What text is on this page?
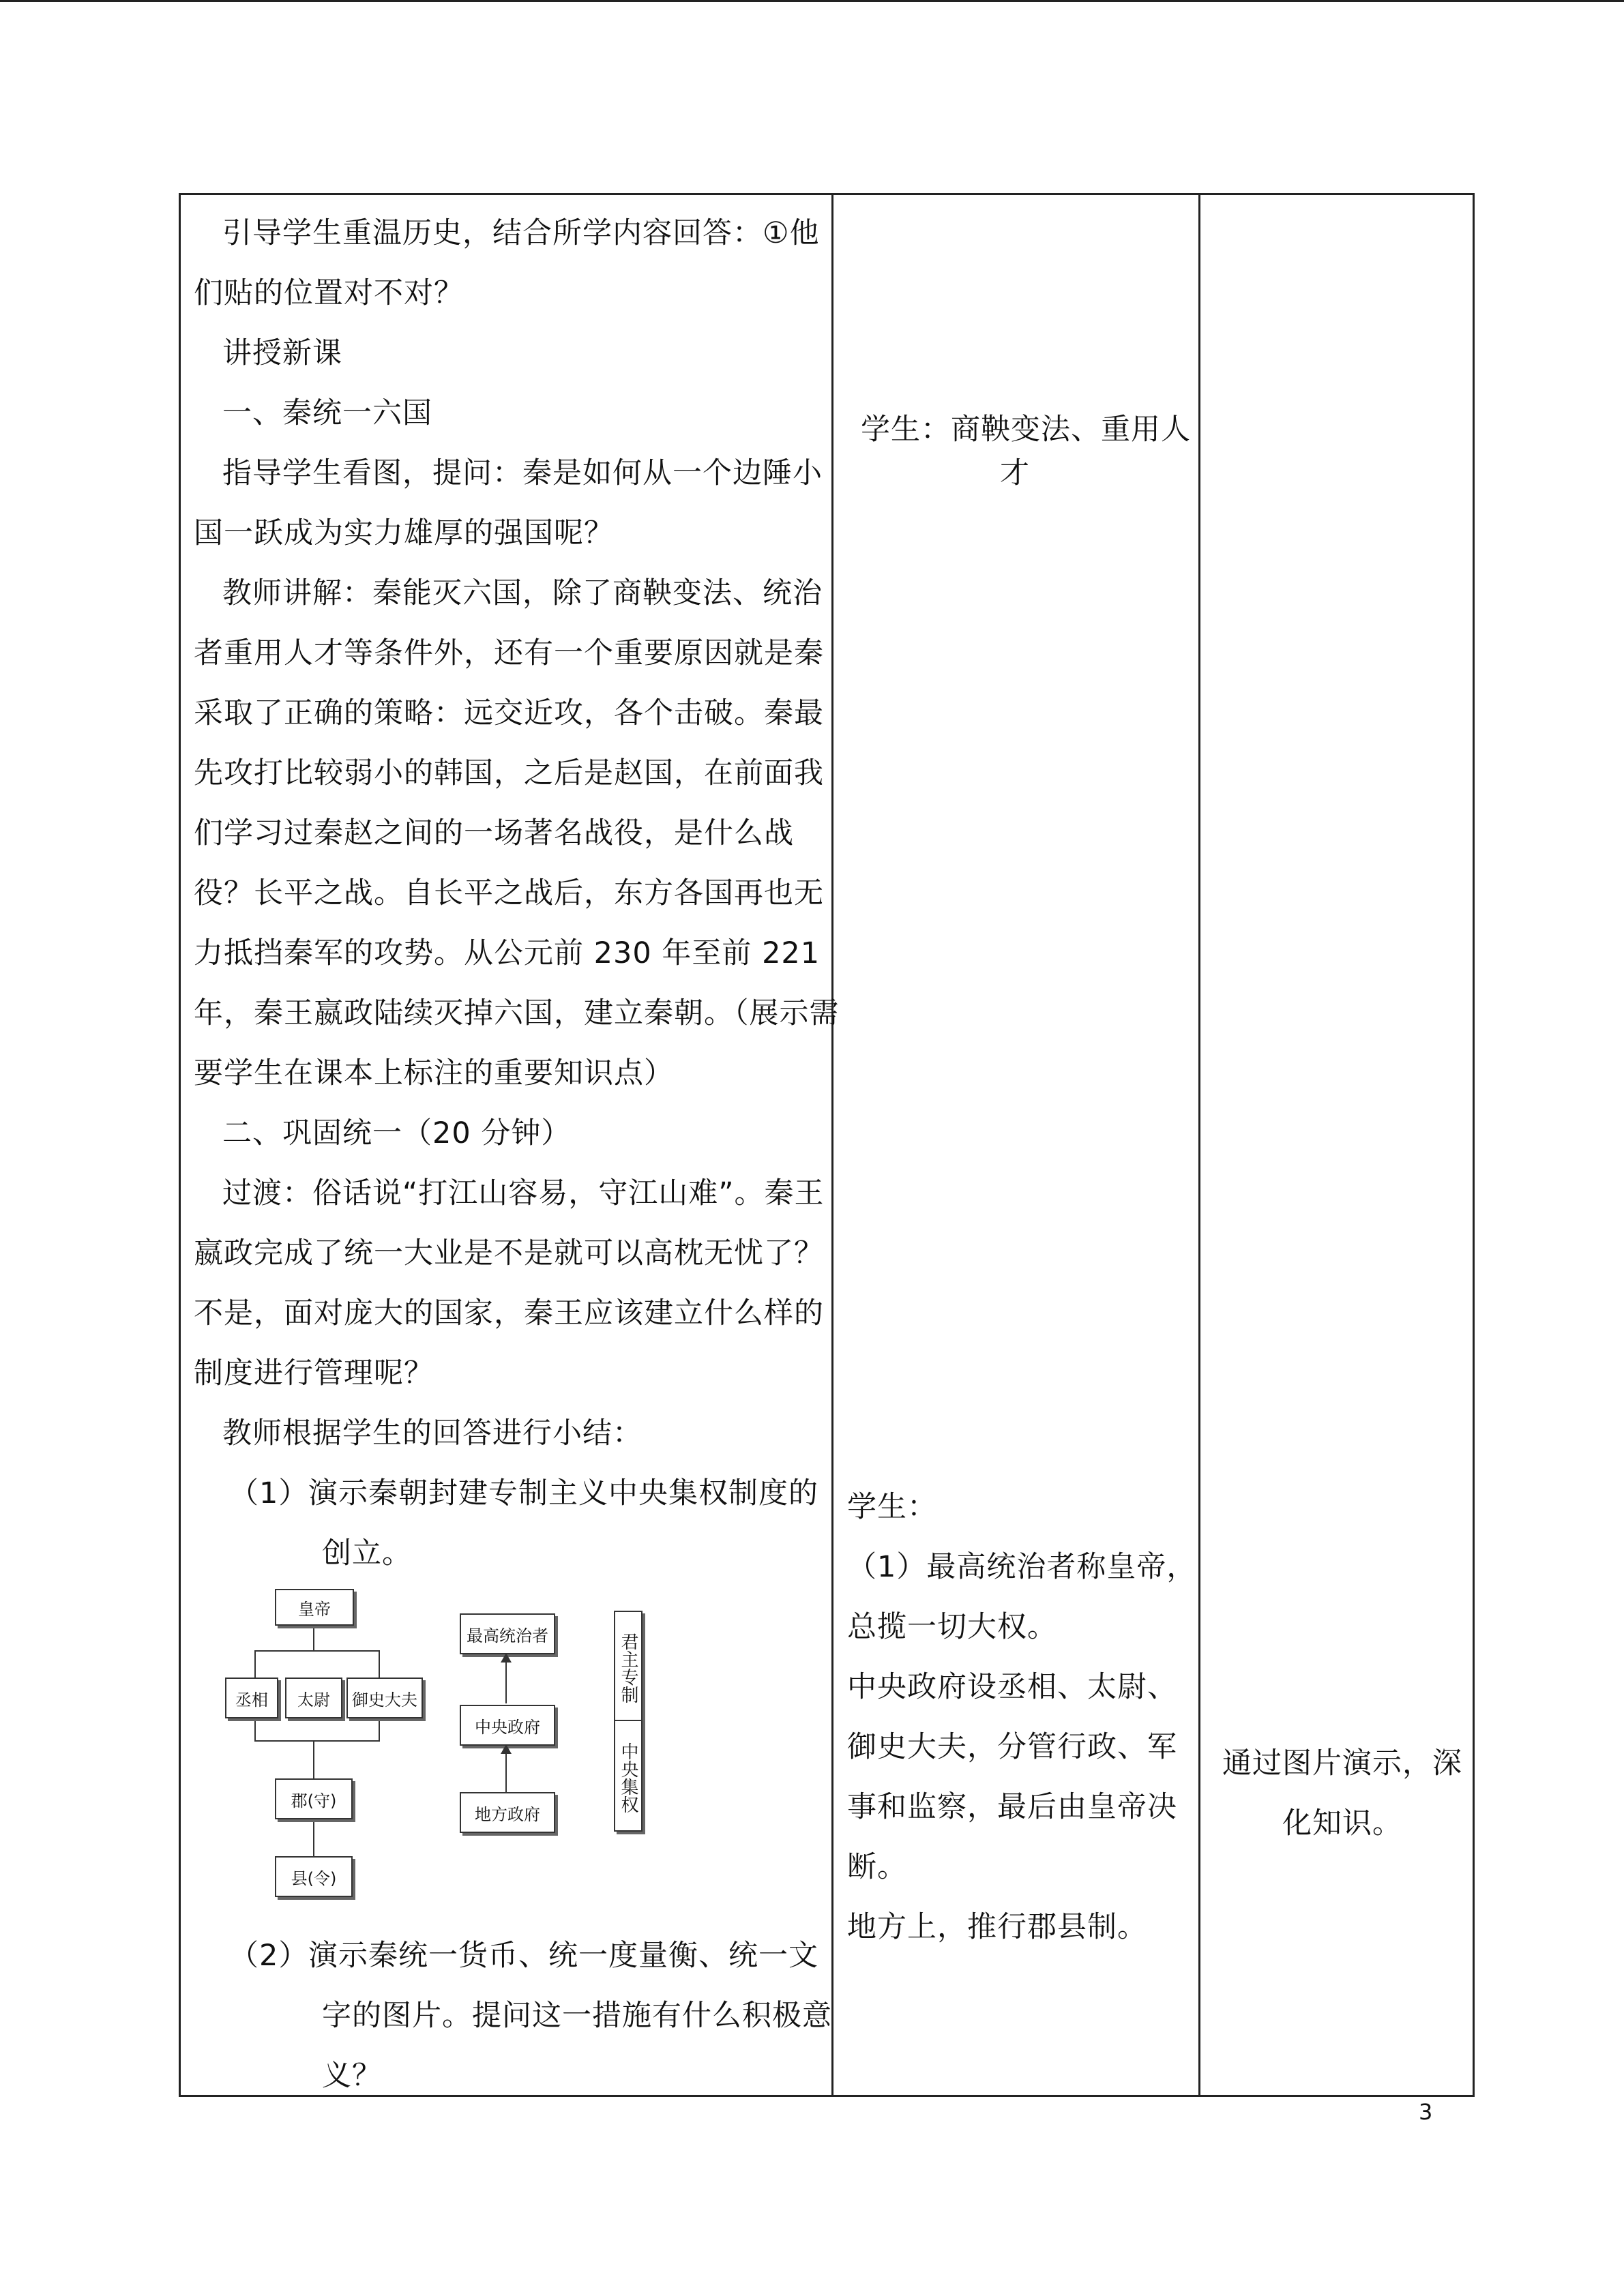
引导学生重温历史，结合所学内容回答：①他
们贴的位置对不对？
讲授新课
一、秦统一六国
指导学生看图，提问：秦是如何从一个边陲小
国一跃成为实力雄厚的强国呢？
教师讲解：秦能灭六国，除了商鞅变法、统治
者重用人才等条件外，还有一个重要原因就是秦
采取了正确的策略：远交近攻，各个击破。秦最
先攻打比较弱小的韩国，之后是赵国，在前面我
们学习过秦赵之间的一场著名战役，是什么战
役？长平之战。自长平之战后，东方各国再也无
力抵挡秦军的攻势。从公元前 230 年至前 221
年，秦王嬴政陆续灭掉六国，建立秦朝。（展示需
要学生在课本上标注的重要知识点）
二、巩固统一（20 分钟）
过渡：俗话说“打江山容易，守江山难”。秦王
嬴政完成了统一大业是不是就可以高枕无忧了？
不是，面对庞大的国家，秦王应该建立什么样的
制度进行管理呢？
教师根据学生的回答进行小结：
（1） 演示秦朝封建专制主义中央集权制度的
创立。
（2） 演示秦统一货币、统一度量衡、统一文
字的图片。提问这一措施有什么积极意
义？
皇帝
丞相	太尉	御史大夫
郡(守)
县(令)
最高统治者
中央政府
地方政府
君主专制
中央集权
学生：商鞅变法、重用人
才
学生：
（1）最高统治者称皇帝，
总揽一切大权。
中央政府设丞相、太尉、
御史大夫，分管行政、军
事和监察，最后由皇帝决
断。
地方上，推行郡县制。
通过图片演示，深
化知识。
3
